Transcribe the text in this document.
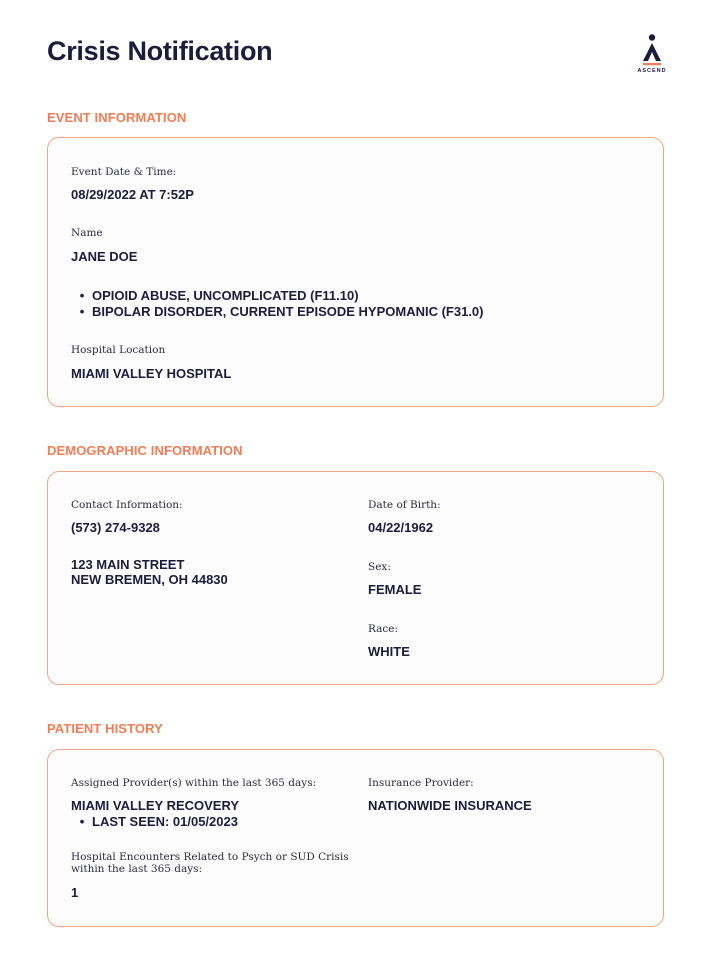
Crisis Notification
ASCEND
EVENT INFORMATION
Event Date & Time:
08/29/2022 AT 7:52P
Name
JANE DOE
• OPIOID ABUSE, UNCOMPLICATED (F11.10)
• BIPOLAR DISORDER, CURRENT EPISODE HYPOMANIC (F31.0)
Hospital Location
MIAMI VALLEY HOSPITAL
DEMOGRAPHIC INFORMATION
Contact Information:
(573) 274-9328
123 MAIN STREET
NEW BREMEN, OH 44830
Date of Birth:
04/22/1962
Sex:
FEMALE
Race:
WHITE
PATIENT HISTORY
Assigned Provider(s) within the last 365 days:
MIAMI VALLEY RECOVERY
• LAST SEEN: 01/05/2023
Hospital Encounters Related to Psych or SUD Crisis
within the last 365 days:
1
Insurance Provider:
NATIONWIDE INSURANCE
